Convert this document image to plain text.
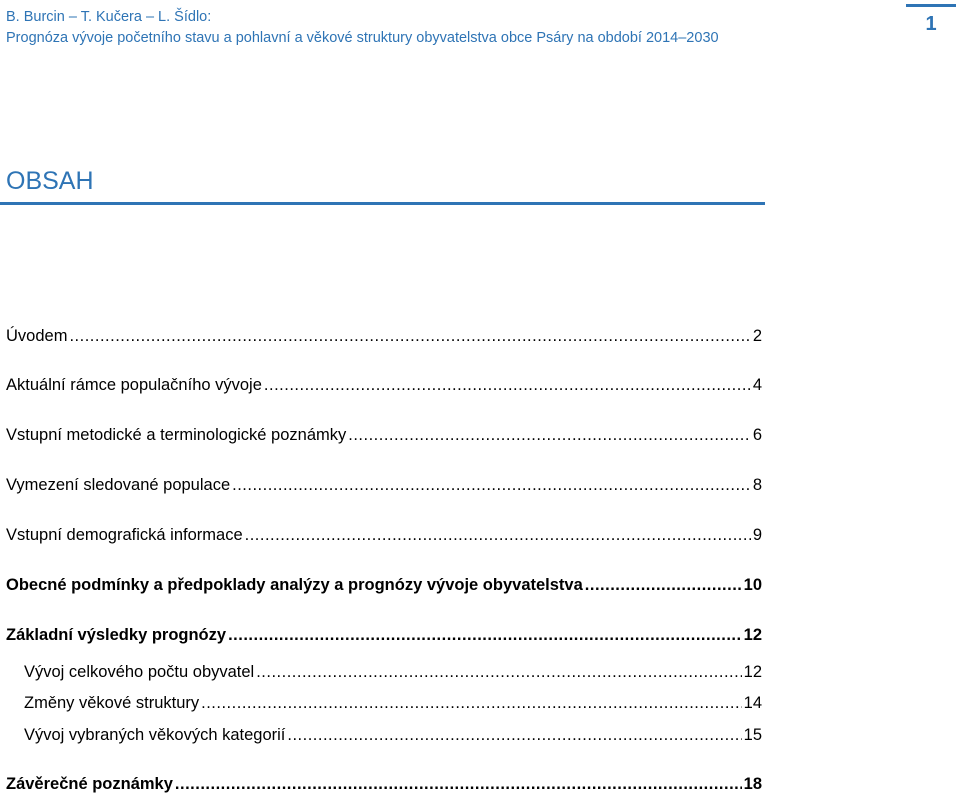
B. Burcin – T. Kučera – L. Šídlo:
Prognóza vývoje početního stavu a pohlavní a věkové struktury obyvatelstva obce Psáry na období 2014–2030
1
OBSAH
Úvodem .....	2
Aktuální rámce populačního vývoje .....	4
Vstupní metodické a terminologické poznámky .....	6
Vymezení sledované populace .....	8
Vstupní demografická informace .....	9
Obecné podmínky a předpoklady analýzy a prognózy vývoje obyvatelstva .....	10
Základní výsledky prognózy .....	12
Vývoj celkového počtu obyvatel .....	12
Změny věkové struktury .....	14
Vývoj vybraných věkových kategorií .....	15
Závěrečné poznámky .....	18
